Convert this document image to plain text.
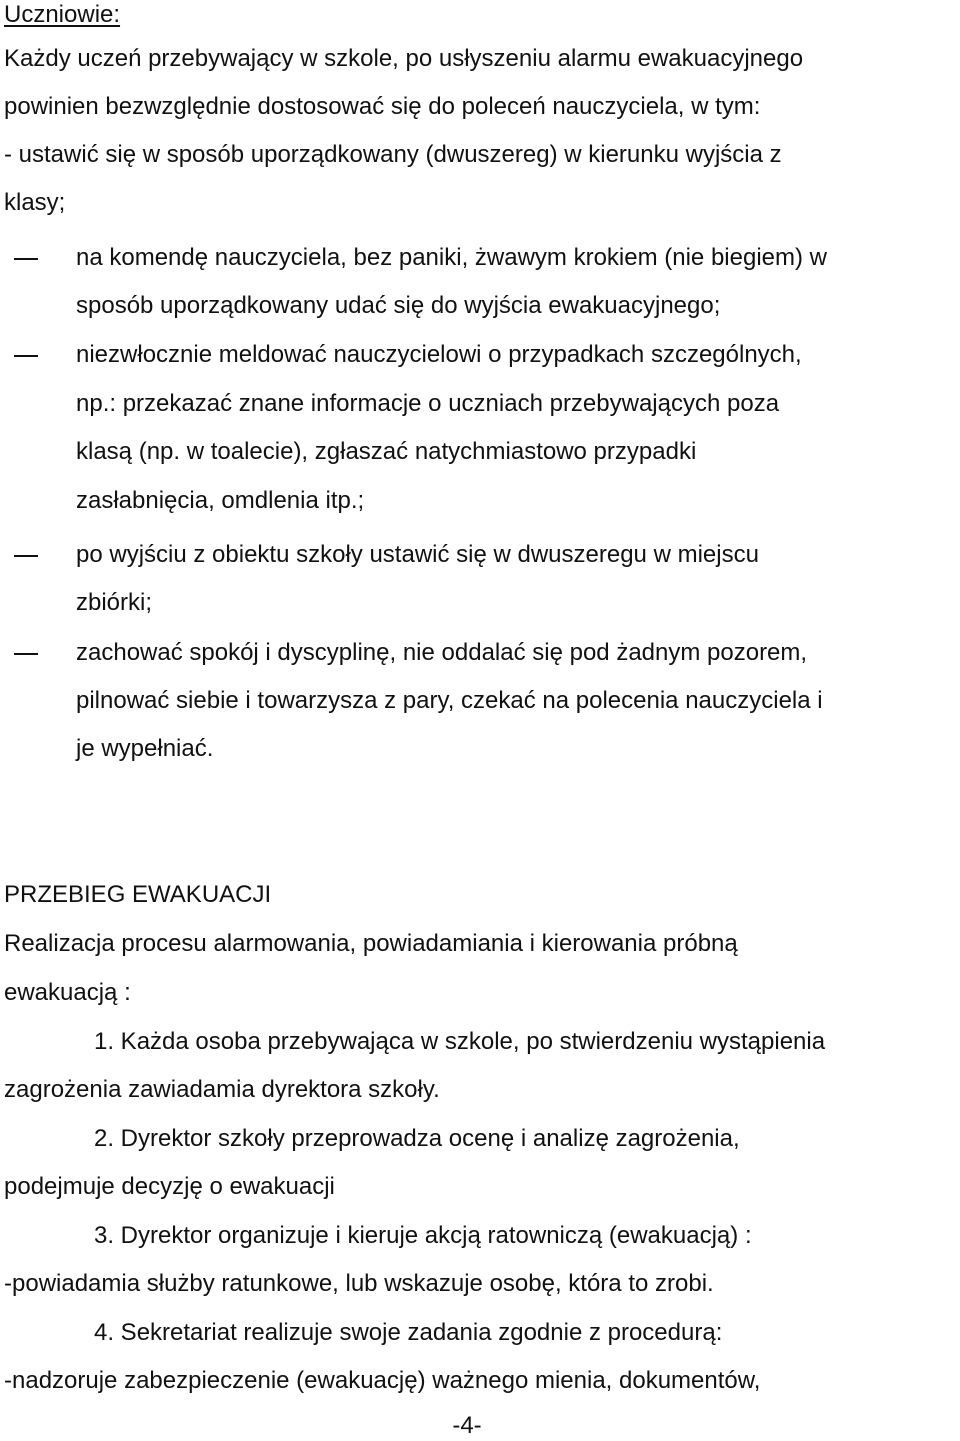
Uczniowie:
Każdy uczeń przebywający w szkole, po usłyszeniu alarmu ewakuacyjnego
powinien bezwzględnie dostosować się do poleceń nauczyciela, w tym:
- ustawić się w sposób uporządkowany (dwuszereg) w kierunku wyjścia z
klasy;
na komendę nauczyciela, bez paniki, żwawym krokiem (nie biegiem) w
sposób uporządkowany udać się do wyjścia ewakuacyjnego;
niezwłocznie meldować nauczycielowi o przypadkach szczególnych,
np.: przekazać znane informacje o uczniach przebywających poza
klasą (np. w toalecie), zgłaszać natychmiastowo przypadki
zasłabnięcia, omdlenia itp.;
po wyjściu z obiektu szkoły ustawić się w dwuszeregu w miejscu
zbiórki;
zachować spokój i dyscyplinę, nie oddalać się pod żadnym pozorem,
pilnować siebie i towarzysza z pary, czekać na polecenia nauczyciela i
je wypełniać.
PRZEBIEG EWAKUACJI
Realizacja procesu alarmowania, powiadamiania i kierowania próbną
ewakuacją :
1. Każda osoba przebywająca w szkole, po stwierdzeniu wystąpienia
zagrożenia zawiadamia dyrektora szkoły.
2. Dyrektor szkoły przeprowadza ocenę i analizę zagrożenia,
podejmuje decyzję o ewakuacji
3. Dyrektor organizuje i kieruje akcją ratowniczą (ewakuacją) :
-powiadamia służby ratunkowe, lub wskazuje osobę, która to zrobi.
4. Sekretariat realizuje swoje zadania zgodnie z procedurą:
-nadzoruje zabezpieczenie (ewakuację) ważnego mienia, dokumentów,
-4-
